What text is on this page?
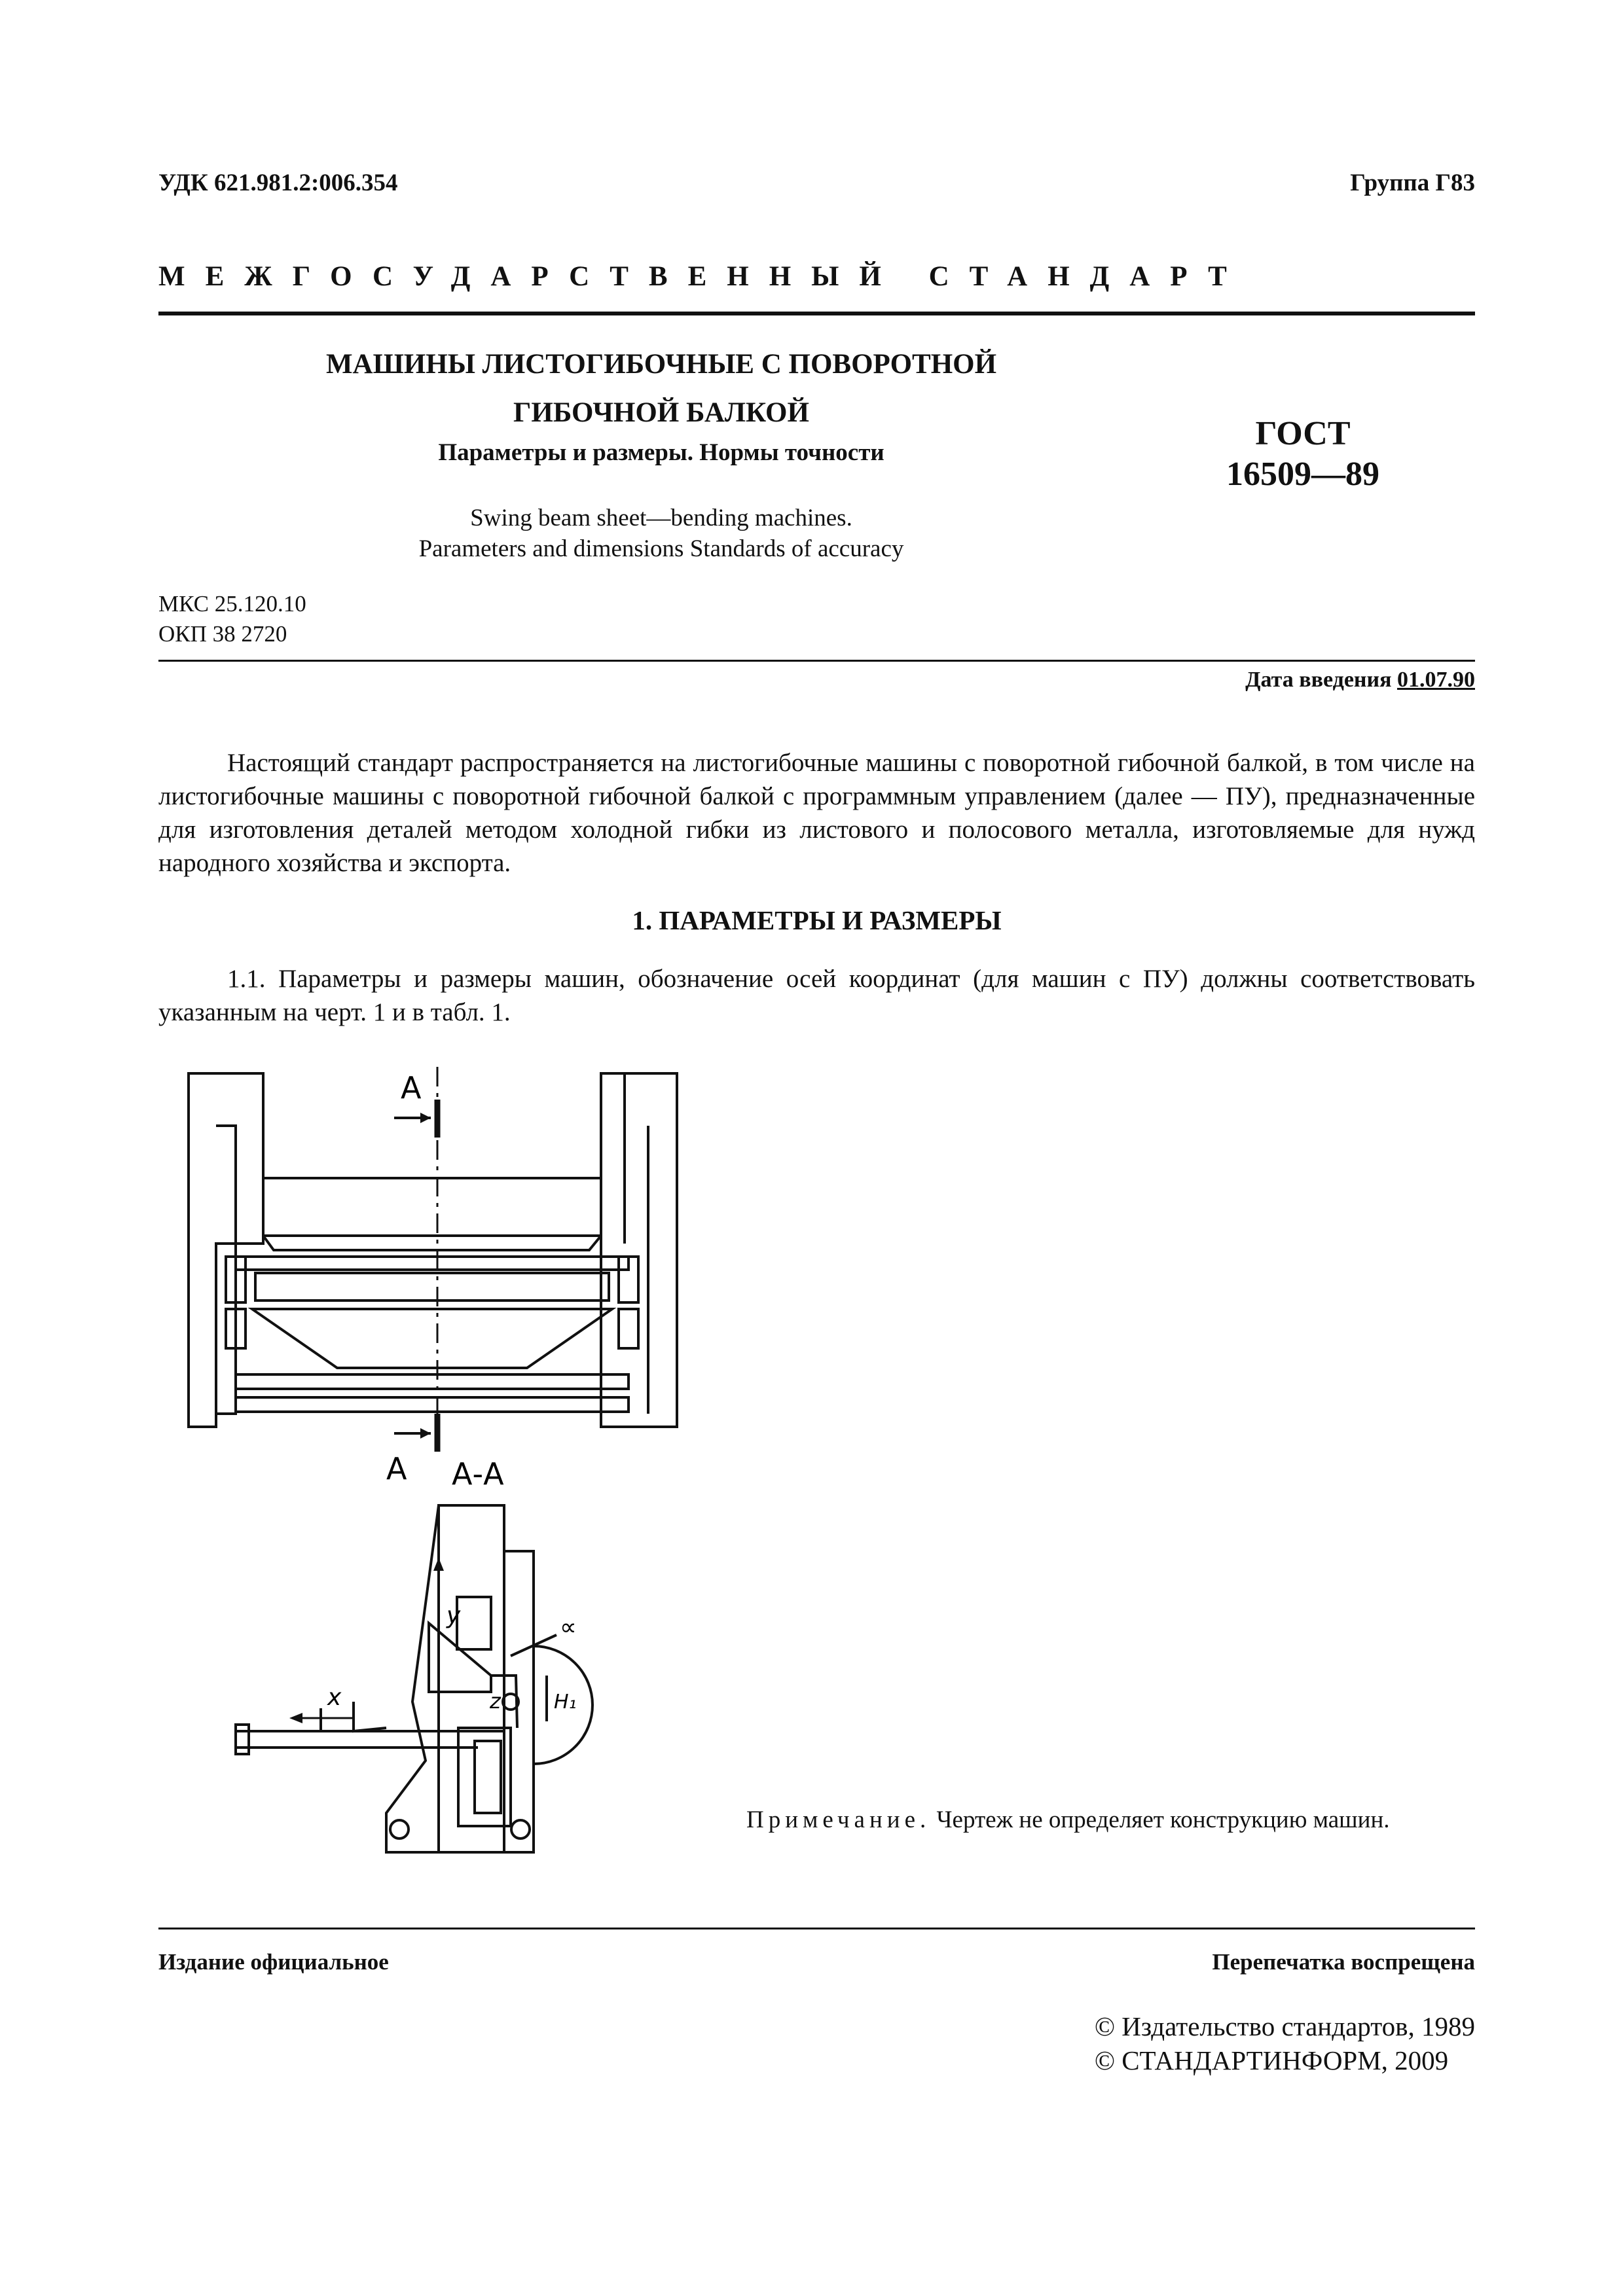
УДК 621.981.2:006.354	Группа Г83
МЕЖГОСУДАРСТВЕННЫЙ СТАНДАРТ
МАШИНЫ ЛИСТОГИБОЧНЫЕ С ПОВОРОТНОЙ
ГИБОЧНОЙ БАЛКОЙ
Параметры и размеры. Нормы точности
Swing beam sheet—bending machines.
Parameters and dimensions Standards of accuracy
ГОСТ
16509—89
МКС 25.120.10
ОКП 38 2720
Дата введения 01.07.90
Настоящий стандарт распространяется на листогибочные машины с поворотной гибочной балкой, в том числе на листогибочные машины с поворотной гибочной балкой с программным управлением (далее — ПУ), предназначенные для изготовления деталей методом холодной гибки из листового и полосового металла, изготовляемые для нужд народного хозяйства и экспорта.
1. ПАРАМЕТРЫ И РАЗМЕРЫ
1.1. Параметры и размеры машин, обозначение осей координат (для машин с ПУ) должны соответствовать указанным на черт. 1 и в табл. 1.
A
A А-А
x
y
z
∝
H₁
Примечание. Чертеж не определяет конструкцию машин.
Издание официальное	Перепечатка воспрещена
© Издательство стандартов, 1989
© СТАНДАРТИНФОРМ, 2009
